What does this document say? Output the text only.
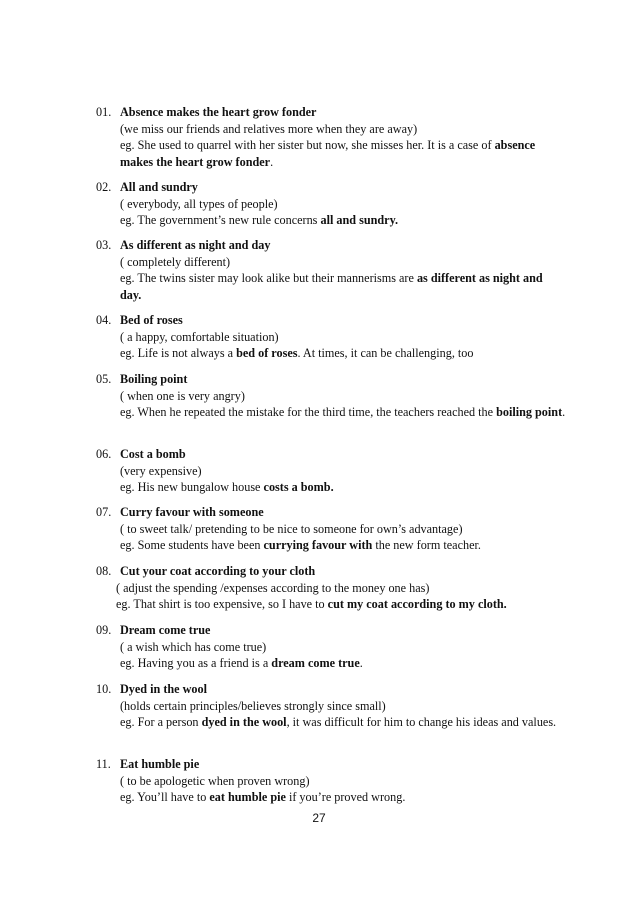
01. Absence makes the heart grow fonder
(we miss our friends and relatives more when they are away)
eg. She used to quarrel with her sister but now, she misses her. It is a case of absence makes the heart grow fonder.
02. All and sundry
( everybody, all types of people)
eg. The government’s new rule concerns all and sundry.
03. As different as night and day
( completely different)
eg. The twins sister may look alike but their mannerisms are as different as night and day.
04. Bed of roses
( a happy, comfortable situation)
eg. Life is not always a bed of roses. At times, it can be challenging, too
05. Boiling point
( when one is very angry)
eg. When he repeated the mistake for the third time, the teachers reached the boiling point.
06. Cost a bomb
(very expensive)
eg. His new bungalow house costs a bomb.
07. Curry favour with someone
( to sweet talk/ pretending to be nice to someone for own’s advantage)
eg. Some students have been currying favour with the new form teacher.
08. Cut your coat according to your cloth
( adjust the spending /expenses according to the money one has)
eg. That shirt is too expensive, so I have to cut my coat according to my cloth.
09. Dream come true
( a wish which has come true)
eg. Having you as a friend is a dream come true.
10. Dyed in the wool
(holds certain principles/believes strongly since small)
eg. For a person dyed in the wool, it was difficult for him to change his ideas and values.
11. Eat humble pie
( to be apologetic when proven wrong)
eg. You’ll have to eat humble pie if you’re proved wrong.
27
